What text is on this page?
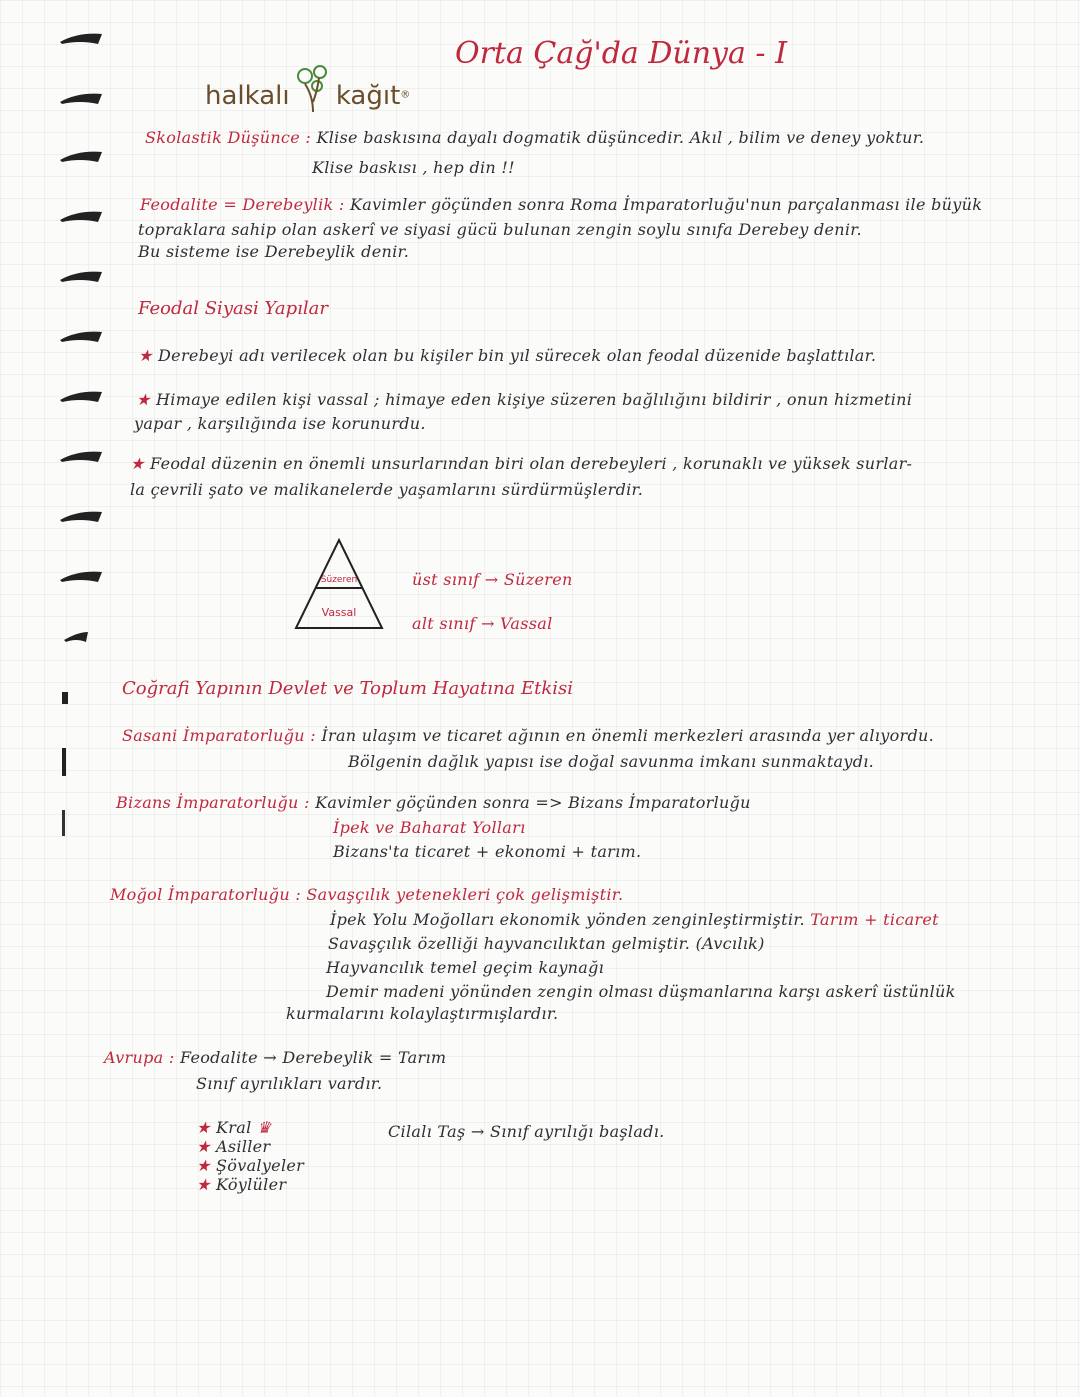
halkalı kağıt®
Orta Çağ'da Dünya - I
Skolastik Düşünce : Klise baskısına dayalı dogmatik düşüncedir. Akıl , bilim ve deney yoktur.
Klise baskısı , hep din !!
Feodalite = Derebeylik : Kavimler göçünden sonra Roma İmparatorluğu'nun parçalanması ile büyük
topraklara sahip olan askerî ve siyasi gücü bulunan zengin soylu sınıfa Derebey denir.
Bu sisteme ise Derebeylik denir.
Feodal Siyasi Yapılar
★ Derebeyi adı verilecek olan bu kişiler bin yıl sürecek olan feodal düzenide başlattılar.
★ Himaye edilen kişi vassal ; himaye eden kişiye süzeren bağlılığını bildirir , onun hizmetini
yapar , karşılığında ise korunurdu.
★ Feodal düzenin en önemli unsurlarından biri olan derebeyleri , korunaklı ve yüksek surlar-
la çevrili şato ve malikanelerde yaşamlarını sürdürmüşlerdir.
Süzeren
Vassal
üst sınıf → Süzeren
alt sınıf → Vassal
Coğrafi Yapının Devlet ve Toplum Hayatına Etkisi
Sasani İmparatorluğu : İran ulaşım ve ticaret ağının en önemli merkezleri arasında yer alıyordu.
Bölgenin dağlık yapısı ise doğal savunma imkanı sunmaktaydı.
Bizans İmparatorluğu : Kavimler göçünden sonra => Bizans İmparatorluğu
İpek ve Baharat Yolları
Bizans'ta ticaret + ekonomi + tarım.
Moğol İmparatorluğu : Savaşçılık yetenekleri çok gelişmiştir.
İpek Yolu Moğolları ekonomik yönden zenginleştirmiştir. Tarım + ticaret
Savaşçılık özelliği hayvancılıktan gelmiştir. (Avcılık)
Hayvancılık temel geçim kaynağı
Demir madeni yönünden zengin olması düşmanlarına karşı askerî üstünlük
kurmalarını kolaylaştırmışlardır.
Avrupa : Feodalite → Derebeylik = Tarım
Sınıf ayrılıkları vardır.
★ Kral ♛
★ Asiller
★ Şövalyeler
★ Köylüler
Cilalı Taş → Sınıf ayrılığı başladı.
